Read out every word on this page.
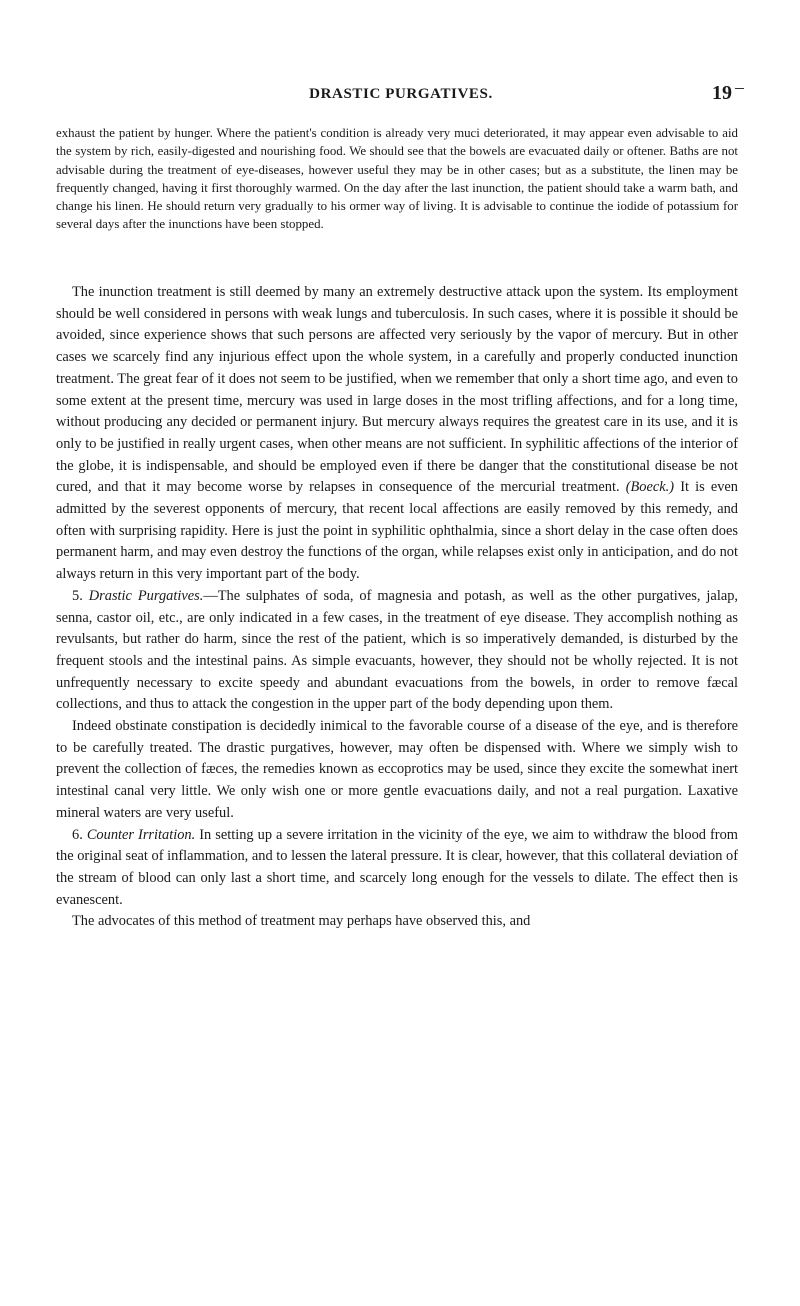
DRASTIC PURGATIVES.	19

exhaust the patient by hunger. Where the patient's condition is already very muci deteriorated, it may appear even advisable to aid the system by rich, easily-digested and nourishing food. We should see that the bowels are evacuated daily or oftener. Baths are not advisable during the treatment of eye-diseases, however useful they may be in other cases; but as a substitute, the linen may be frequently changed, having it first thoroughly warmed. On the day after the last inunction, the patient should take a warm bath, and change his linen. He should return very gradually to his ormer way of living. It is advisable to continue the iodide of potassium for several days after the inunctions have been stopped.

The inunction treatment is still deemed by many an extremely destructive attack upon the system. Its employment should be well considered in persons with weak lungs and tuberculosis. In such cases, where it is possible it should be avoided, since experience shows that such persons are affected very seriously by the vapor of mercury. But in other cases we scarcely find any injurious effect upon the whole system, in a carefully and properly conducted inunction treatment. The great fear of it does not seem to be justified, when we remember that only a short time ago, and even to some extent at the present time, mercury was used in large doses in the most trifling affections, and for a long time, without producing any decided or permanent injury. But mercury always requires the greatest care in its use, and it is only to be justified in really urgent cases, when other means are not sufficient. In syphilitic affections of the interior of the globe, it is indispensable, and should be employed even if there be danger that the constitutional disease be not cured, and that it may become worse by relapses in consequence of the mercurial treatment. (Boeck.) It is even admitted by the severest opponents of mercury, that recent local affections are easily removed by this remedy, and often with surprising rapidity. Here is just the point in syphilitic ophthalmia, since a short delay in the case often does permanent harm, and may even destroy the functions of the organ, while relapses exist only in anticipation, and do not always return in this very important part of the body.

5. Drastic Purgatives.—The sulphates of soda, of magnesia and potash, as well as the other purgatives, jalap, senna, castor oil, etc., are only indicated in a few cases, in the treatment of eye disease. They accomplish nothing as revulsants, but rather do harm, since the rest of the patient, which is so imperatively demanded, is disturbed by the frequent stools and the intestinal pains. As simple evacuants, however, they should not be wholly rejected. It is not unfrequently necessary to excite speedy and abundant evacuations from the bowels, in order to remove fæcal collections, and thus to attack the congestion in the upper part of the body depending upon them.

Indeed obstinate constipation is decidedly inimical to the favorable course of a disease of the eye, and is therefore to be carefully treated. The drastic purgatives, however, may often be dispensed with. Where we simply wish to prevent the collection of fæces, the remedies known as eccoprotics may be used, since they excite the somewhat inert intestinal canal very little. We only wish one or more gentle evacuations daily, and not a real purgation. Laxative mineral waters are very useful.

6. Counter Irritation. In setting up a severe irritation in the vicinity of the eye, we aim to withdraw the blood from the original seat of inflammation, and to lessen the lateral pressure. It is clear, however, that this collateral deviation of the stream of blood can only last a short time, and scarcely long enough for the vessels to dilate. The effect then is evanescent.

The advocates of this method of treatment may perhaps have observed this, and
